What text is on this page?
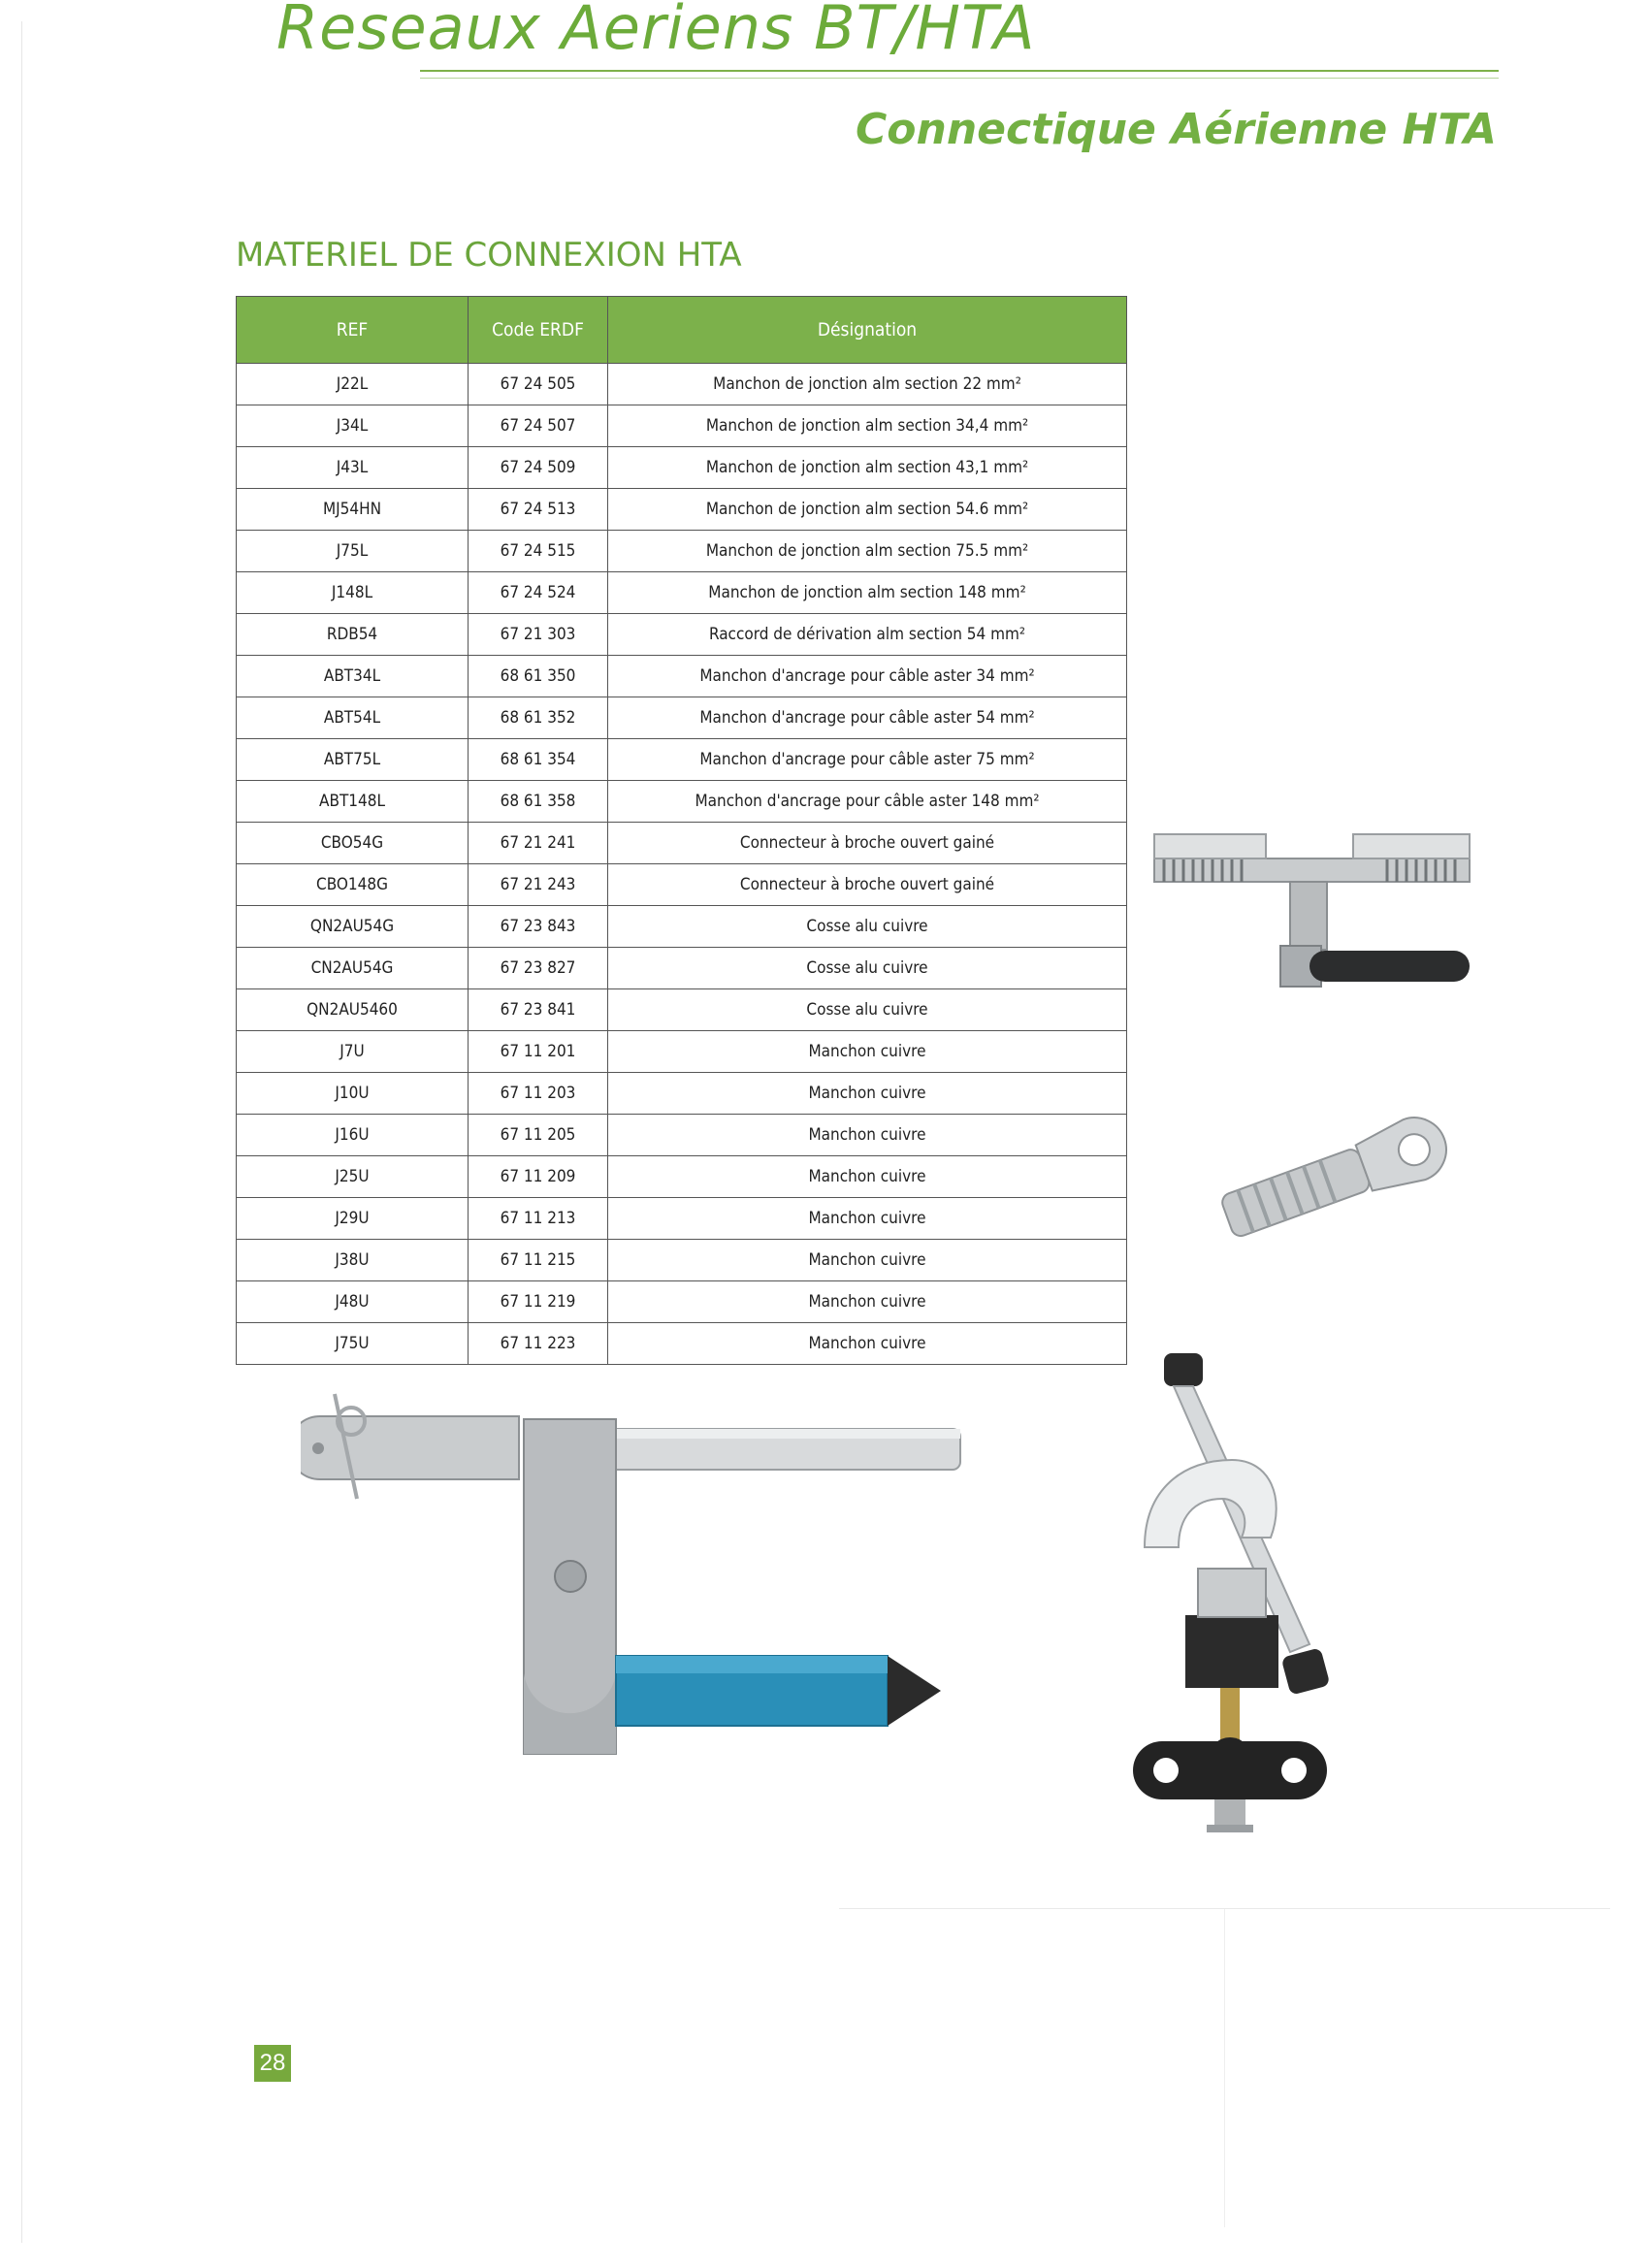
Reseaux Aeriens BT/HTA
Connectique Aérienne HTA
MATERIEL DE CONNEXION HTA
REF	Code ERDF	Désignation
J22L	67 24 505	Manchon de jonction alm section 22 mm²
J34L	67 24 507	Manchon de jonction alm section 34,4 mm²
J43L	67 24 509	Manchon de jonction alm section 43,1 mm²
MJ54HN	67 24 513	Manchon de jonction alm section 54.6 mm²
J75L	67 24 515	Manchon de jonction alm section 75.5 mm²
J148L	67 24 524	Manchon de jonction alm section 148 mm²
RDB54	67 21 303	Raccord de dérivation alm section 54 mm²
ABT34L	68 61 350	Manchon d'ancrage pour câble aster 34 mm²
ABT54L	68 61 352	Manchon d'ancrage pour câble aster 54 mm²
ABT75L	68 61 354	Manchon d'ancrage pour câble aster 75 mm²
ABT148L	68 61 358	Manchon d'ancrage pour câble aster 148 mm²
CBO54G	67 21 241	Connecteur à broche ouvert gainé
CBO148G	67 21 243	Connecteur à broche ouvert gainé
QN2AU54G	67 23 843	Cosse alu cuivre
CN2AU54G	67 23 827	Cosse alu cuivre
QN2AU5460	67 23 841	Cosse alu cuivre
J7U	67 11 201	Manchon cuivre
J10U	67 11 203	Manchon cuivre
J16U	67 11 205	Manchon cuivre
J25U	67 11 209	Manchon cuivre
J29U	67 11 213	Manchon cuivre
J38U	67 11 215	Manchon cuivre
J48U	67 11 219	Manchon cuivre
J75U	67 11 223	Manchon cuivre
28
